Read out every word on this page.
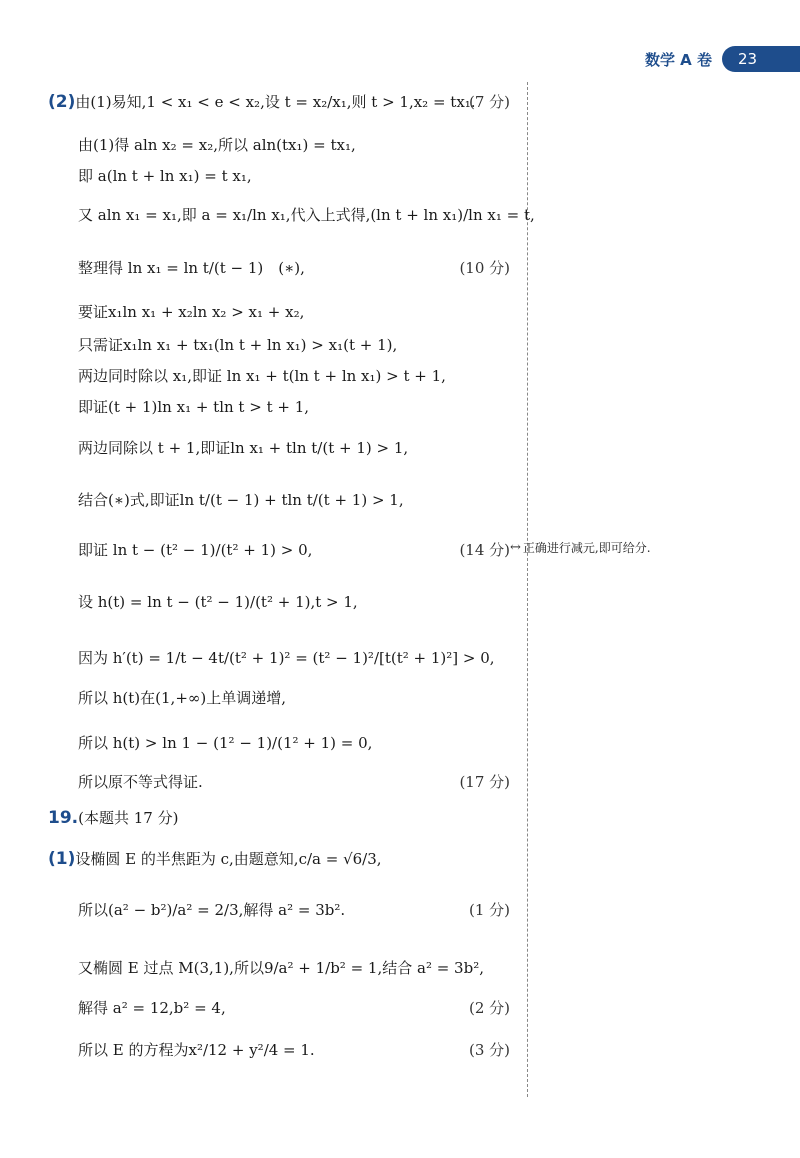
数学 A 卷	23
(2)由(1)易知,1 < x₁ < e < x₂,设 t = x₂/x₁,则 t > 1,x₂ = tx₁.
(7 分)
由(1)得 aln x₂ = x₂,所以 aln(tx₁) = tx₁,
即 a(ln t + ln x₁) = t x₁,
又 aln x₁ = x₁,即 a = x₁/ln x₁,代入上式得,(ln t + ln x₁)/ln x₁ = t,
整理得 ln x₁ = ln t/(t − 1)　(∗),	(10 分)
要证x₁ln x₁ + x₂ln x₂ > x₁ + x₂,
只需证x₁ln x₁ + tx₁(ln t + ln x₁) > x₁(t + 1),
两边同时除以 x₁,即证 ln x₁ + t(ln t + ln x₁) > t + 1,
即证(t + 1)ln x₁ + tln t > t + 1,
两边同除以 t + 1,即证ln x₁ + tln t/(t + 1) > 1,
结合(∗)式,即证ln t/(t − 1) + tln t/(t + 1) > 1,
即证 ln t − (t² − 1)/(t² + 1) > 0,	(14 分)
设 h(t) = ln t − (t² − 1)/(t² + 1),t > 1,
因为 h′(t) = 1/t − 4t/(t² + 1)² = (t² − 1)²/[t(t² + 1)²] > 0,
所以 h(t)在(1,+∞)上单调递增,
所以 h(t) > ln 1 − (1² − 1)/(1² + 1) = 0,
所以原不等式得证.	(17 分)
19.(本题共 17 分)
(1)设椭圆 E 的半焦距为 c,由题意知,c/a = √6/3,
所以(a² − b²)/a² = 2/3,解得 a² = 3b².	(1 分)
又椭圆 E 过点 M(3,1),所以9/a² + 1/b² = 1,结合 a² = 3b²,
解得 a² = 12,b² = 4,	(2 分)
所以 E 的方程为x²/12 + y²/4 = 1.	(3 分)
↔ 正确进行减元,即可给分.
